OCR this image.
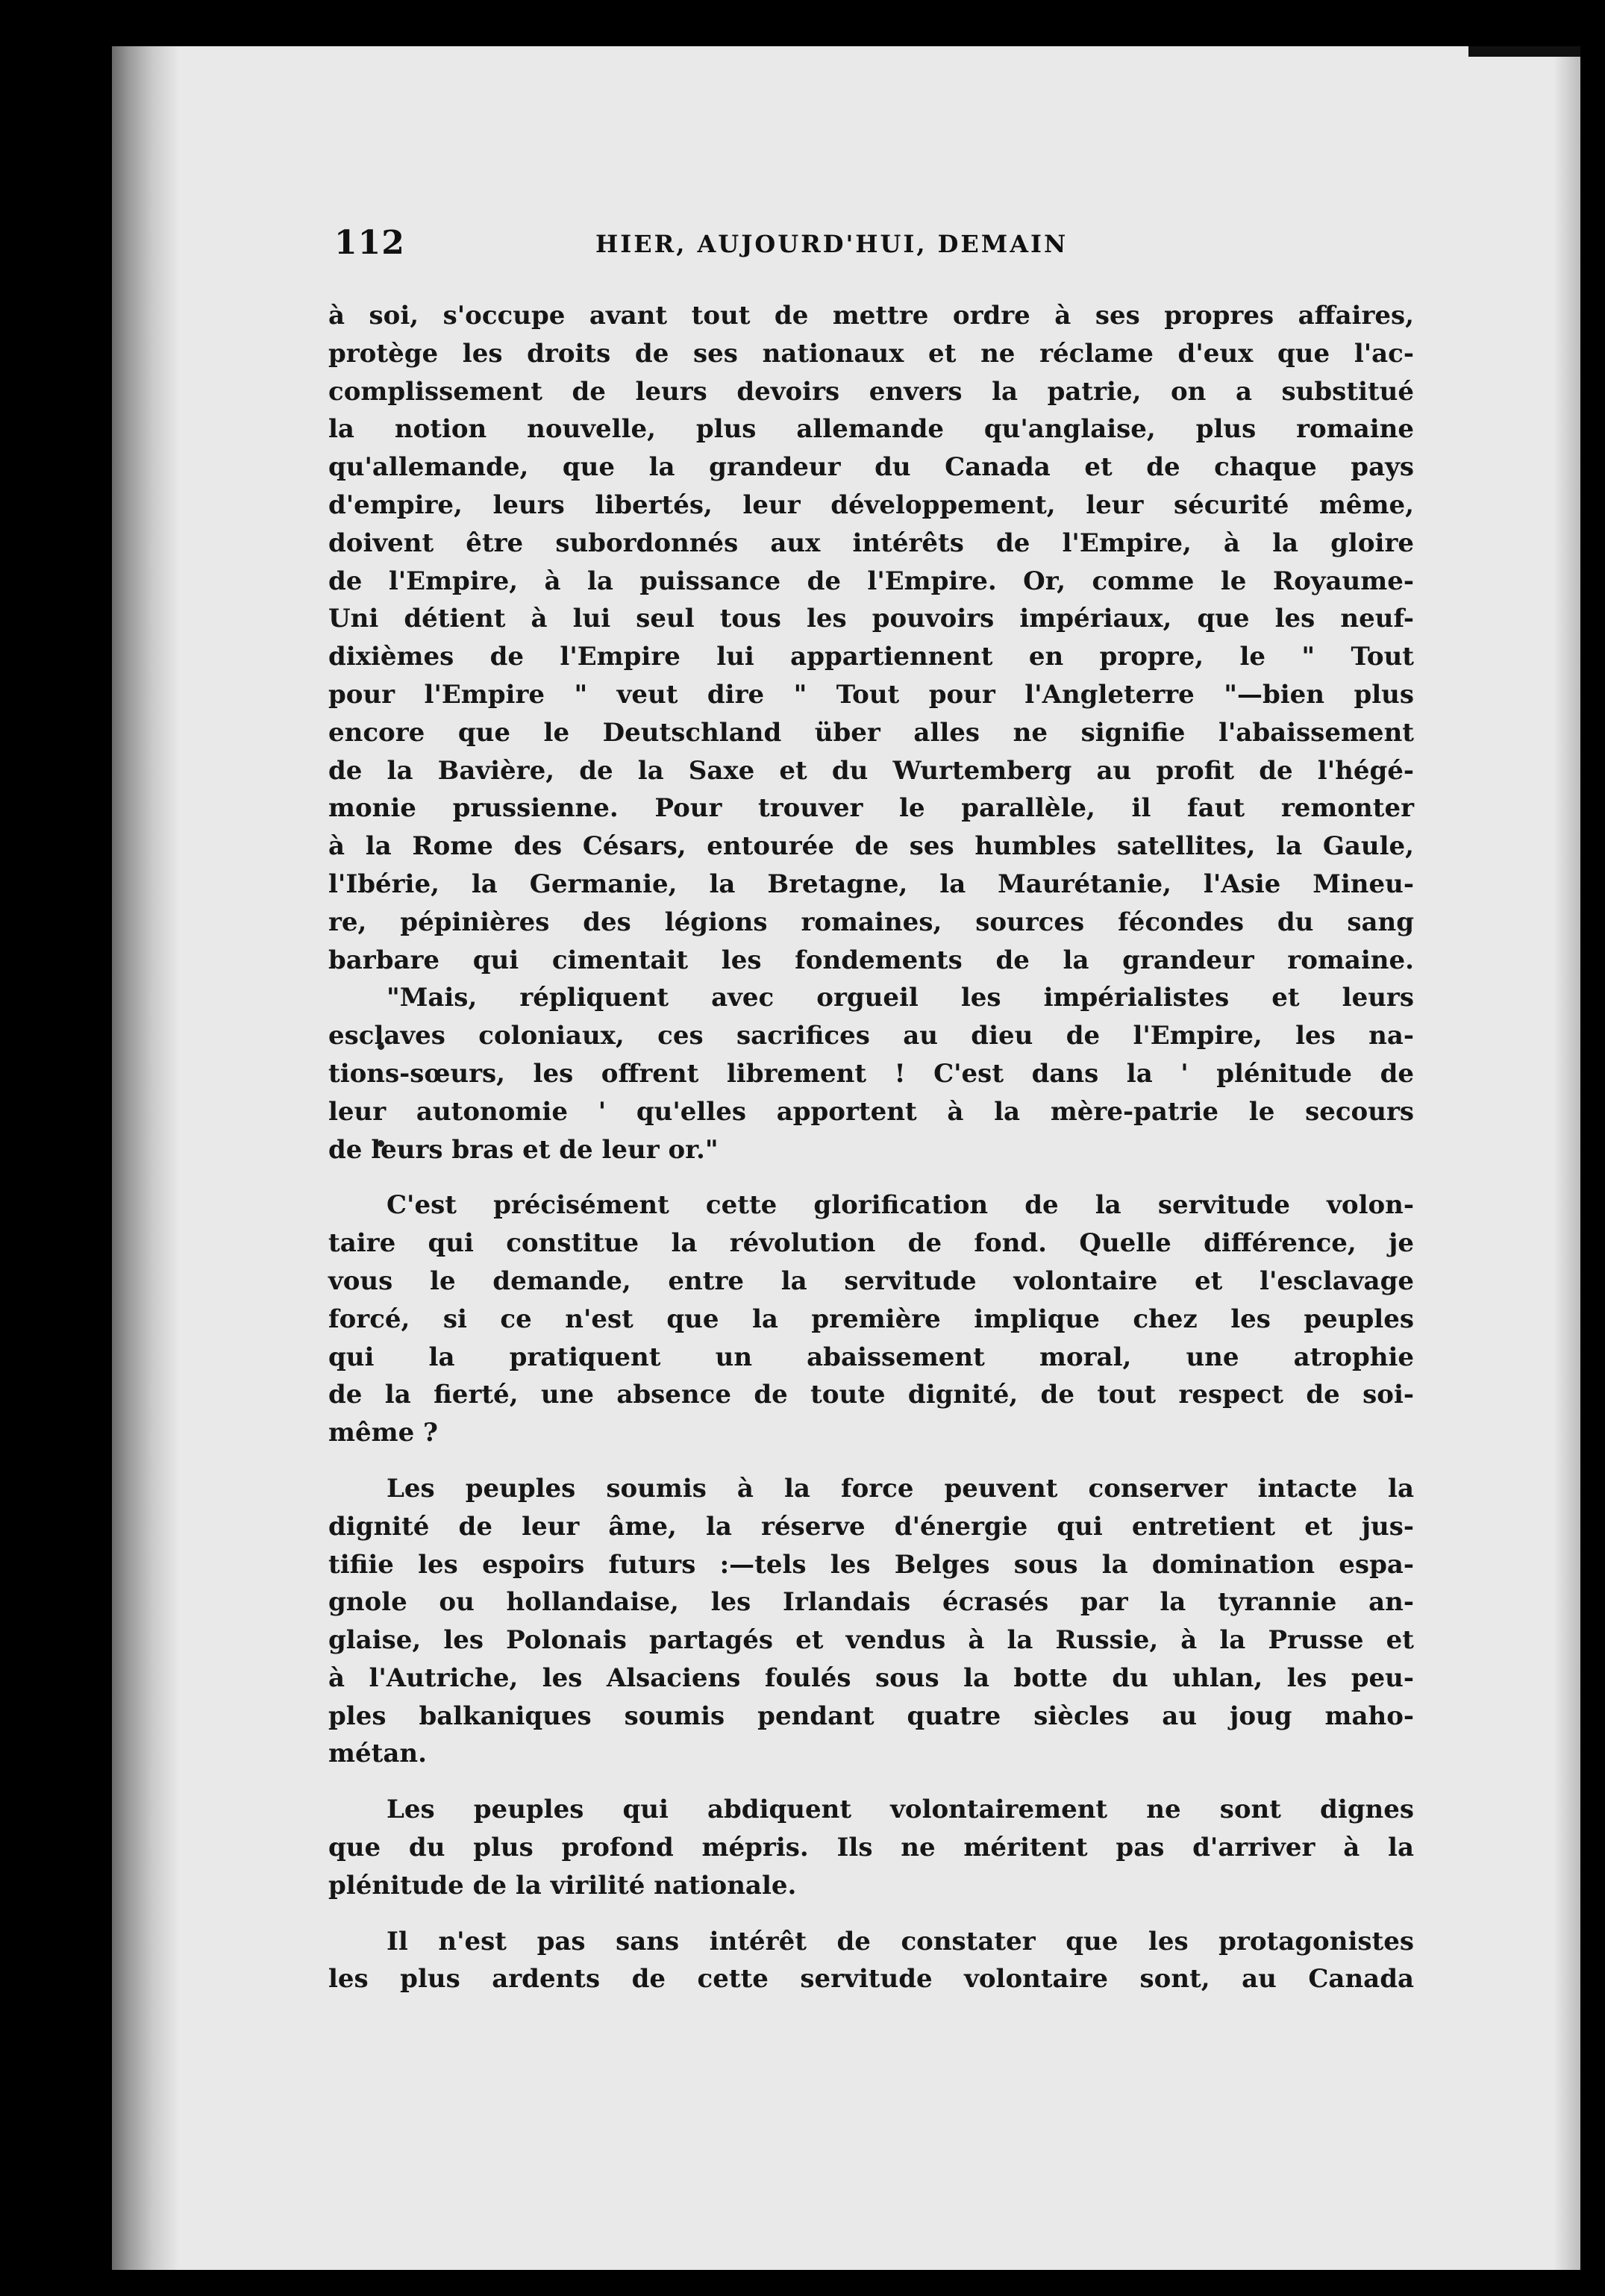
112	HIER, AUJOURD'HUI, DEMAIN

à soi, s'occupe avant tout de mettre ordre à ses propres affaires,

protège les droits de ses nationaux et ne réclame d'eux que l'ac-

complissement de leurs devoirs envers la patrie, on a substitué

la notion nouvelle, plus allemande qu'anglaise, plus romaine

qu'allemande, que la grandeur du Canada et de chaque pays

d'empire, leurs libertés, leur développement, leur sécurité même,

doivent être subordonnés aux intérêts de l'Empire, à la gloire

de l'Empire, à la puissance de l'Empire. Or, comme le Royaume-

Uni détient à lui seul tous les pouvoirs impériaux, que les neuf-

dixièmes de l'Empire lui appartiennent en propre, le " Tout

pour l'Empire " veut dire " Tout pour l'Angleterre "—bien plus

encore que le Deutschland über alles ne signifie l'abaissement

de la Bavière, de la Saxe et du Wurtemberg au profit de l'hégé-

monie prussienne. Pour trouver le parallèle, il faut remonter

à la Rome des Césars, entourée de ses humbles satellites, la Gaule,

l'Ibérie, la Germanie, la Bretagne, la Maurétanie, l'Asie Mineu-

re, pépinières des légions romaines, sources fécondes du sang

barbare qui cimentait les fondements de la grandeur romaine.

"Mais, répliquent avec orgueil les impérialistes et leurs

esclaves coloniaux, ces sacrifices au dieu de l'Empire, les na-

tions-sœurs, les offrent librement ! C'est dans la ' plénitude de

leur autonomie ' qu'elles apportent à la mère-patrie le secours

de leurs bras et de leur or."

C'est précisément cette glorification de la servitude volon-

taire qui constitue la révolution de fond. Quelle différence, je

vous le demande, entre la servitude volontaire et l'esclavage

forcé, si ce n'est que la première implique chez les peuples

qui la pratiquent un abaissement moral, une atrophie

de la fierté, une absence de toute dignité, de tout respect de soi-

même ?

Les peuples soumis à la force peuvent conserver intacte la

dignité de leur âme, la réserve d'énergie qui entretient et jus-

tifiie les espoirs futurs :—tels les Belges sous la domination espa-

gnole ou hollandaise, les Irlandais écrasés par la tyrannie an-

glaise, les Polonais partagés et vendus à la Russie, à la Prusse et

à l'Autriche, les Alsaciens foulés sous la botte du uhlan, les peu-

ples balkaniques soumis pendant quatre siècles au joug maho-

métan.

Les peuples qui abdiquent volontairement ne sont dignes

que du plus profond mépris. Ils ne méritent pas d'arriver à la

plénitude de la virilité nationale.

Il n'est pas sans intérêt de constater que les protagonistes

les plus ardents de cette servitude volontaire sont, au Canada
